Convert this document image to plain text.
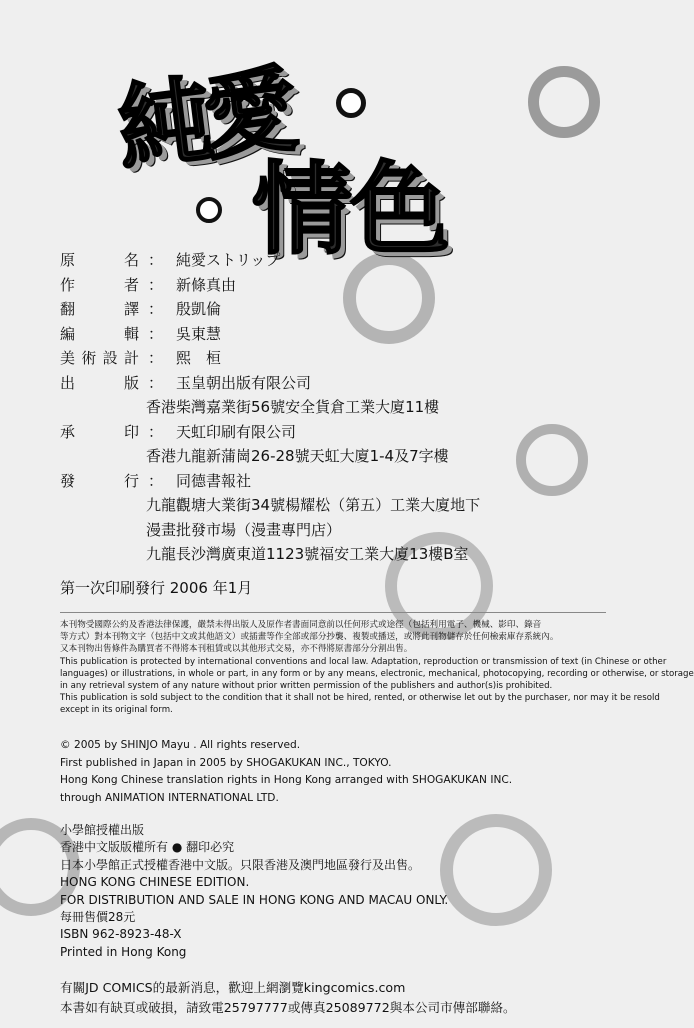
純愛
情色
原	名 ： 純愛ストリップ
作	者 ： 新條真由
翻	譯 ： 殷凱倫
編	輯 ： 吳東慧
美 術 設 計 ： 熙　桓
出	版 ： 玉皇朝出版有限公司
香港柴灣嘉業街56號安全貨倉工業大廈11樓
承	印 ： 天虹印刷有限公司
香港九龍新蒲崗26-28號天虹大廈1-4及7字樓
發	行 ： 同德書報社
九龍觀塘大業街34號楊耀松（第五）工業大廈地下
漫畫批發市場（漫畫專門店）
九龍長沙灣廣東道1123號福安工業大廈13樓B室
第一次印刷發行 2006 年1月
本刊物受國際公約及香港法律保護，嚴禁未得出版人及原作者書面同意前以任何形式或途徑（包括利用電子、機械、影印、錄音
等方式）對本刊物文字（包括中文或其他語文）或插畫等作全部或部分抄襲、複製或播送，或將此刊物儲存於任何檢索庫存系統內。
又本刊物出售條件為購買者不得將本刊租賃或以其他形式交易，亦不得將原書部分分割出售。
This publication is protected by international conventions and local law. Adaptation, reproduction or transmission of text (in Chinese or other
languages) or illustrations, in whole or part, in any form or by any means, electronic, mechanical, photocopying, recording or otherwise, or storage
in any retrieval system of any nature without prior written permission of the publishers and author(s)is prohibited.
This publication is sold subject to the condition that it shall not be hired, rented, or otherwise let out by the purchaser, nor may it be resold
except in its original form.
© 2005 by SHINJO Mayu . All rights reserved.
First published in Japan in 2005 by SHOGAKUKAN INC., TOKYO.
Hong Kong Chinese translation rights in Hong Kong arranged with SHOGAKUKAN INC.
through ANIMATION INTERNATIONAL LTD.
小學館授權出版
香港中文版版權所有 ● 翻印必究
日本小學館正式授權香港中文版。只限香港及澳門地區發行及出售。
HONG KONG CHINESE EDITION.
FOR DISTRIBUTION AND SALE IN HONG KONG AND MACAU ONLY.
每冊售價28元
ISBN 962-8923-48-X
Printed in Hong Kong
有關JD COMICS的最新消息，歡迎上網瀏覽kingcomics.com
本書如有缺頁或破損，請致電25797777或傳真25089772與本公司市傳部聯絡。
